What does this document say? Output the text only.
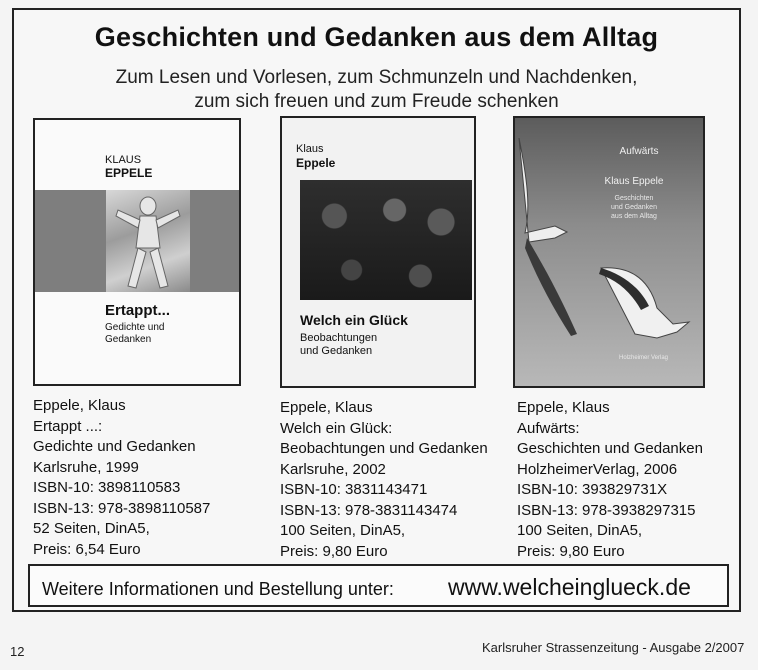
Geschichten und Gedanken aus dem Alltag
Zum Lesen und Vorlesen, zum Schmunzeln und Nachdenken,
zum sich freuen und zum Freude schenken
KLAUS
EPPELE
Ertappt...
Gedichte und
Gedanken
Klaus
Eppele
Welch ein Glück
Beobachtungen
und Gedanken
Aufwärts
Klaus Eppele
Geschichten
und Gedanken
aus dem Alltag
Holzheimer Verlag
Eppele, Klaus
Ertappt ...:
Gedichte und Gedanken
Karlsruhe, 1999
ISBN-10: 3898110583
ISBN-13: 978-3898110587
52 Seiten, DinA5,
Preis: 6,54 Euro
Eppele, Klaus
Welch ein Glück:
Beobachtungen und Gedanken
Karlsruhe, 2002
ISBN-10: 3831143471
ISBN-13: 978-3831143474
100 Seiten, DinA5,
Preis: 9,80 Euro
Eppele, Klaus
Aufwärts:
Geschichten und Gedanken
HolzheimerVerlag, 2006
ISBN-10: 393829731X
ISBN-13: 978-3938297315
100 Seiten, DinA5,
Preis: 9,80 Euro
Weitere Informationen und Bestellung unter: www.welcheinglueck.de
12	Karlsruher Strassenzeitung - Ausgabe 2/2007
